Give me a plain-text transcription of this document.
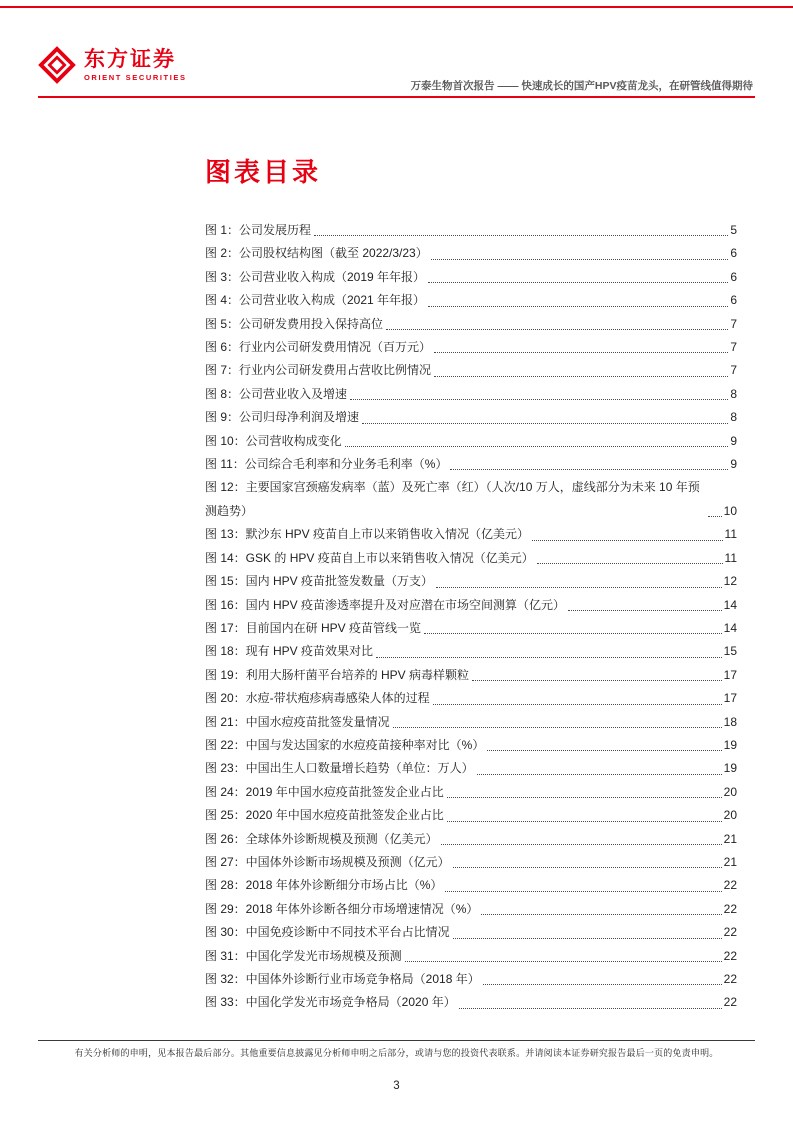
东方证券
ORIENT SECURITIES
万泰生物首次报告 —— 快速成长的国产HPV疫苗龙头，在研管线值得期待
图表目录
图 1：公司发展历程	5
图 2：公司股权结构图（截至 2022/3/23）	6
图 3：公司营业收入构成（2019 年年报）	6
图 4：公司营业收入构成（2021 年年报）	6
图 5：公司研发费用投入保持高位	7
图 6：行业内公司研发费用情况（百万元）	7
图 7：行业内公司研发费用占营收比例情况	7
图 8：公司营业收入及增速	8
图 9：公司归母净利润及增速	8
图 10：公司营收构成变化	9
图 11：公司综合毛利率和分业务毛利率（%）	9
图 12：主要国家宫颈癌发病率（蓝）及死亡率（红）（人次/10 万人，虚线部分为未来 10 年预测趋势）	10
图 13：默沙东 HPV 疫苗自上市以来销售收入情况（亿美元）	11
图 14：GSK 的 HPV 疫苗自上市以来销售收入情况（亿美元）	11
图 15：国内 HPV 疫苗批签发数量（万支）	12
图 16：国内 HPV 疫苗渗透率提升及对应潜在市场空间测算（亿元）	14
图 17：目前国内在研 HPV 疫苗管线一览	14
图 18：现有 HPV 疫苗效果对比	15
图 19：利用大肠杆菌平台培养的 HPV 病毒样颗粒	17
图 20：水痘-带状疱疹病毒感染人体的过程	17
图 21：中国水痘疫苗批签发量情况	18
图 22：中国与发达国家的水痘疫苗接种率对比（%）	19
图 23：中国出生人口数量增长趋势（单位：万人）	19
图 24：2019 年中国水痘疫苗批签发企业占比	20
图 25：2020 年中国水痘疫苗批签发企业占比	20
图 26：全球体外诊断规模及预测（亿美元）	21
图 27：中国体外诊断市场规模及预测（亿元）	21
图 28：2018 年体外诊断细分市场占比（%）	22
图 29：2018 年体外诊断各细分市场增速情况（%）	22
图 30：中国免疫诊断中不同技术平台占比情况	22
图 31：中国化学发光市场规模及预测	22
图 32：中国体外诊断行业市场竞争格局（2018 年）	22
图 33：中国化学发光市场竞争格局（2020 年）	22
有关分析师的申明，见本报告最后部分。其他重要信息披露见分析师申明之后部分，或请与您的投资代表联系。并请阅读本证券研究报告最后一页的免责申明。
3
